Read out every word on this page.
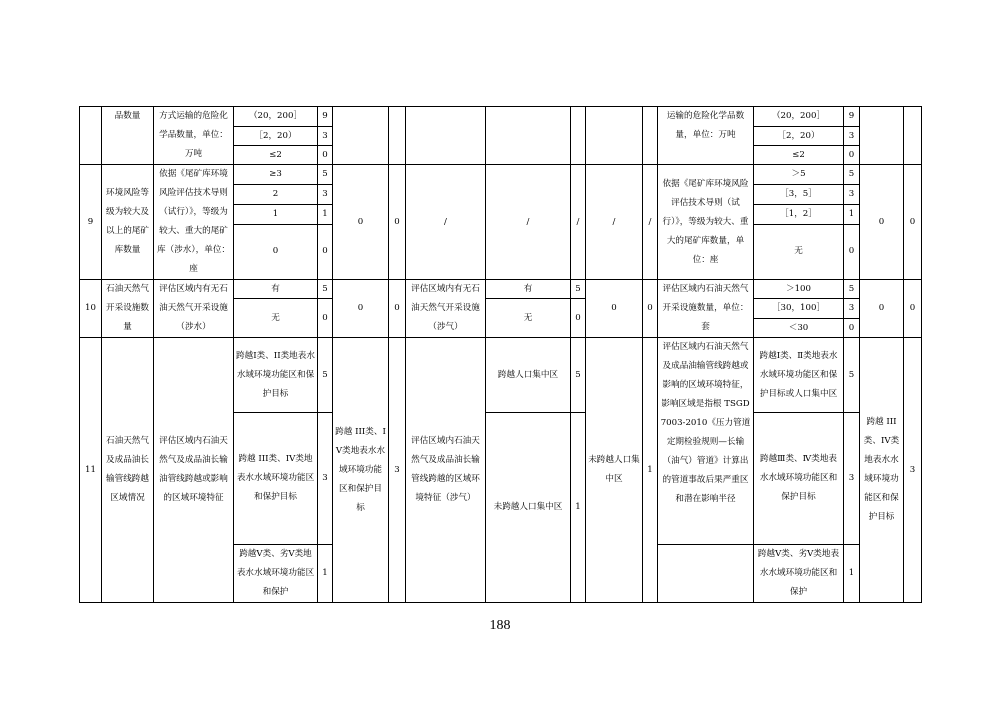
	品数量	方式运输的危险化学品数量，单位：万吨	（20，200］	9								运输的危险化学品数量，单位：万吨	（20，200］	9		
			［2，20）	3									［2，20）	3		
			≤2	0									≤2	0		
9	环境风险等级为较大及以上的尾矿库数量	依据《尾矿库环境风险评估技术导则（试行）》，等级为较大、重大的尾矿库（涉水），单位：座	≥3	5	0	0	/	/	/	/	/	依据《尾矿库环境风险评估技术导则（试行）》，等级为较大、重大的尾矿库数量，单位：座	＞5	5	0	0
			2	3									［3，5］	3		
			1	1									［1，2］	1		
			0	0									无	0		
10	石油天然气开采设施数量	评估区域内有无石油天然气开采设施（涉水）	有	5	0	0	评估区域内有无石油天然气开采设施（涉气）	有	5	0	0	评估区域内石油天然气开采设施数量，单位：套	＞100	5	0	0
			无	0				无	0				［30，100］	3		
													＜30	0		
11	石油天然气及成品油长输管线跨越区域情况	评估区域内石油天然气及成品油长输油管线跨越或影响的区域环境特征	跨越Ⅰ类、II类地表水水域环境功能区和保护目标	5	跨越 III类、IV类地表水水域环境功能区和保护目标	3	评估区域内石油天然气及成品油长输管线跨越的区域环境特征（涉气）	跨越人口集中区	5	未跨越人口集中区	1	评估区域内石油天然气及成品油输管线跨越或影响的区域环境特征，影响区域是指根 TSGD7003-2010《压力管道定期检验规则—长输（油气）管道》计算出的管道事故后果严重区和潜在影响半径	跨越Ⅰ类、Ⅱ类地表水水域环境功能区和保护目标或人口集中区	5	跨越 III类、IV类地表水水域环境功能区和保护目标	3
			跨越 III类、IV类地表水水域环境功能区和保护目标	3				未跨越人口集中区	1				跨越Ⅲ类、Ⅳ类地表水水域环境功能区和保护目标	3		

			跨越Ⅴ类、劣Ⅴ类地表水水域环境功能区和保护	1									跨越Ⅴ类、劣Ⅴ类地表水水域环境功能区和保护	1		
188
